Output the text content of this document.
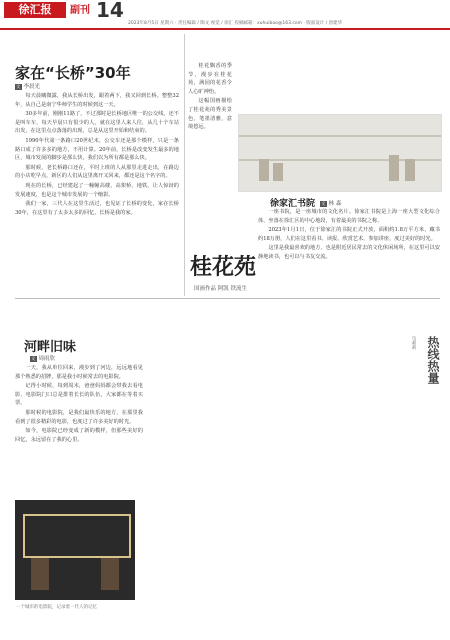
徐汇报	副刊 14
2023年8月5日 星期六 · 责任编辑 / 陶文 视觉 / 徐汇 投稿邮箱：xuhuibao@163.com · 版面设计 / 唐建华
家在“长桥”30年
文 李晨光

每天晨曦微露，我从长桥出发，跟着两下，我又回到长桥。整整32年，从自己是南宁华师学生的时候到这一天。

30多年前，刚刚11路了，不过那时是长桥地区唯一的公交线，还不是叫车车，每天早晨只有很少的人，就在这里人来人往，从几十个车站出发，在这里点点落落的出现，总是从这里开始和结束的。

1990年代第一条路口20世纪末，公交车还是那个模样，只是一条路口成了许多多的地方，不用计算。20年前，长桥是改变发生最多的地区，城市发展的脚步是那么快，我们以为所有都是那么快。

那时候，老长桥路口还在，平时上班的人从那里走进走出，在路边的小店吃早点，新区的人们从这里离开又回来，都还是这个名字的。

现在的长桥，已经建起了一幢幢高楼，高架桥，地铁，让人惊讶的发展速度，也是这个城市发展的一个缩影。

我们一家，三代人在这里生活过，也见证了长桥的变化，家在长桥30年，在这里有了太多太多的回忆，长桥是我的家。

桂花飘香的季节，漫步在桂花苑，满园的花香令人心旷神怡。

这幅国画描绘了桂花苑的秀美景色，笔墨清雅，意境悠远。

徐家汇书院 文 林 森

一座书院，是一座城市的文化名片。徐家汇书院是上海一座大型文化综合体，坐落在徐汇区的中心地段，有着最美的书院之称。

2023年1月1日，位于徐家汇的书院正式开放，面积约1.8万平方米，藏书约18万册，人们在这里看书、读报、欣赏艺术、参加讲座，度过美好的时光。

这里是我最喜欢的地方，也是附近居民常去的文化休闲场所，在这里可以安静地读书，也可以与书友交流。

桂花苑
国画作品 阿凯 铁流生
河畔旧味
文 周雨欣

一天，我从单位回来，漫步到了河边，远远地看见那个熟悉的招牌，那是我小时候常去的电影院。

记得小时候，每到周末，爸爸妈妈都会带我去看电影，电影院门口总是排着长长的队伍，大家都在等着买票。

那时候的电影院，是我们最快乐的地方，在那里我看到了很多精彩的电影，也度过了许多美好的时光。

如今，电影院已经变成了新的模样，但那些美好的回忆，永远留在了我的心里。

一个城市的电影院，记录着一代人的记忆
热线热量
乌莉莉
